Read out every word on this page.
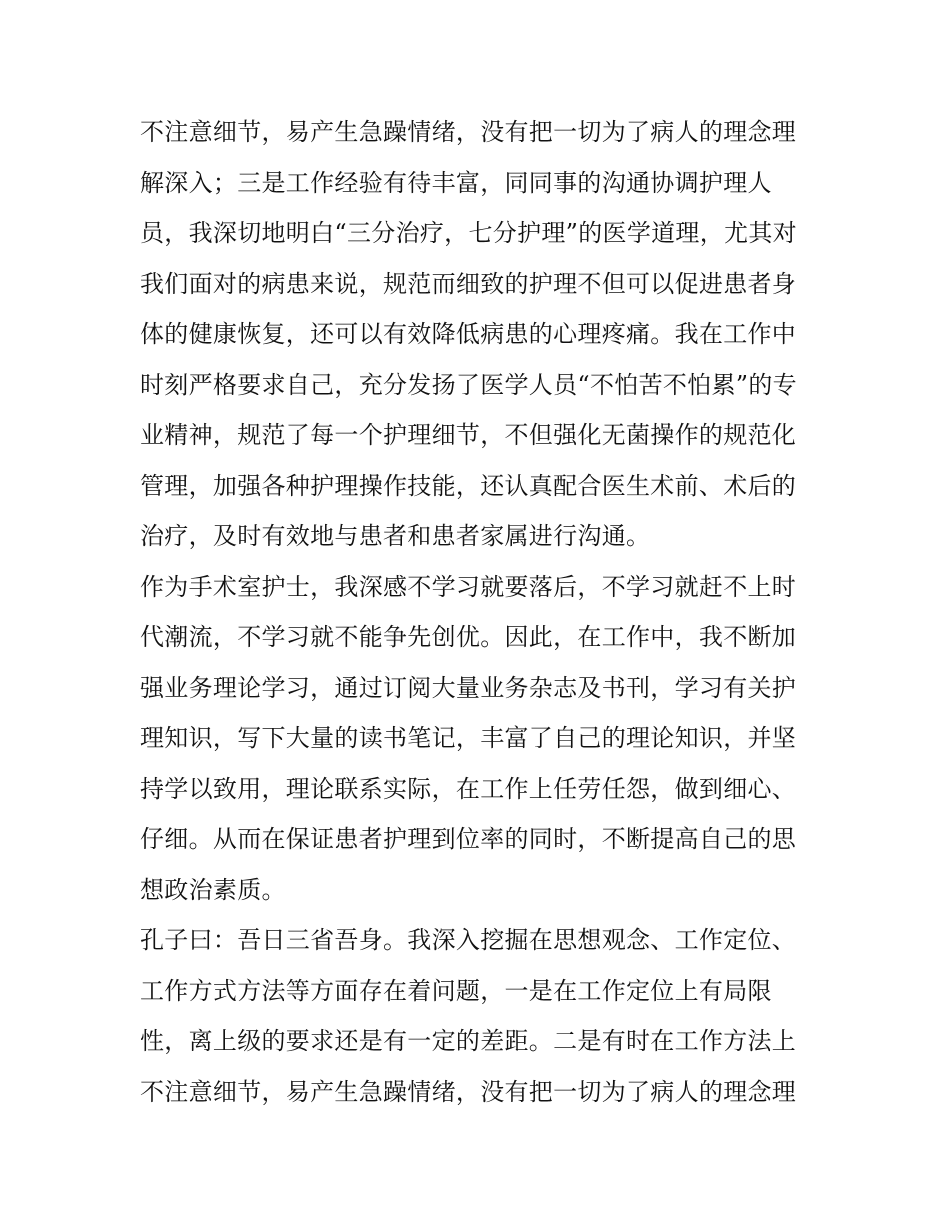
不注意细节，易产生急躁情绪，没有把一切为了病人的理念理
解深入；三是工作经验有待丰富，同同事的沟通协调护理人
员，我深切地明白“三分治疗，七分护理”的医学道理，尤其对
我们面对的病患来说，规范而细致的护理不但可以促进患者身
体的健康恢复，还可以有效降低病患的心理疼痛。我在工作中
时刻严格要求自己，充分发扬了医学人员“不怕苦不怕累”的专
业精神，规范了每一个护理细节，不但强化无菌操作的规范化
管理，加强各种护理操作技能，还认真配合医生术前、术后的
治疗，及时有效地与患者和患者家属进行沟通。
作为手术室护士，我深感不学习就要落后，不学习就赶不上时
代潮流，不学习就不能争先创优。因此，在工作中，我不断加
强业务理论学习，通过订阅大量业务杂志及书刊，学习有关护
理知识，写下大量的读书笔记，丰富了自己的理论知识，并坚
持学以致用，理论联系实际，在工作上任劳任怨，做到细心、
仔细。从而在保证患者护理到位率的同时，不断提高自己的思
想政治素质。
孔子曰：吾日三省吾身。我深入挖掘在思想观念、工作定位、
工作方式方法等方面存在着问题，一是在工作定位上有局限
性，离上级的要求还是有一定的差距。二是有时在工作方法上
不注意细节，易产生急躁情绪，没有把一切为了病人的理念理
